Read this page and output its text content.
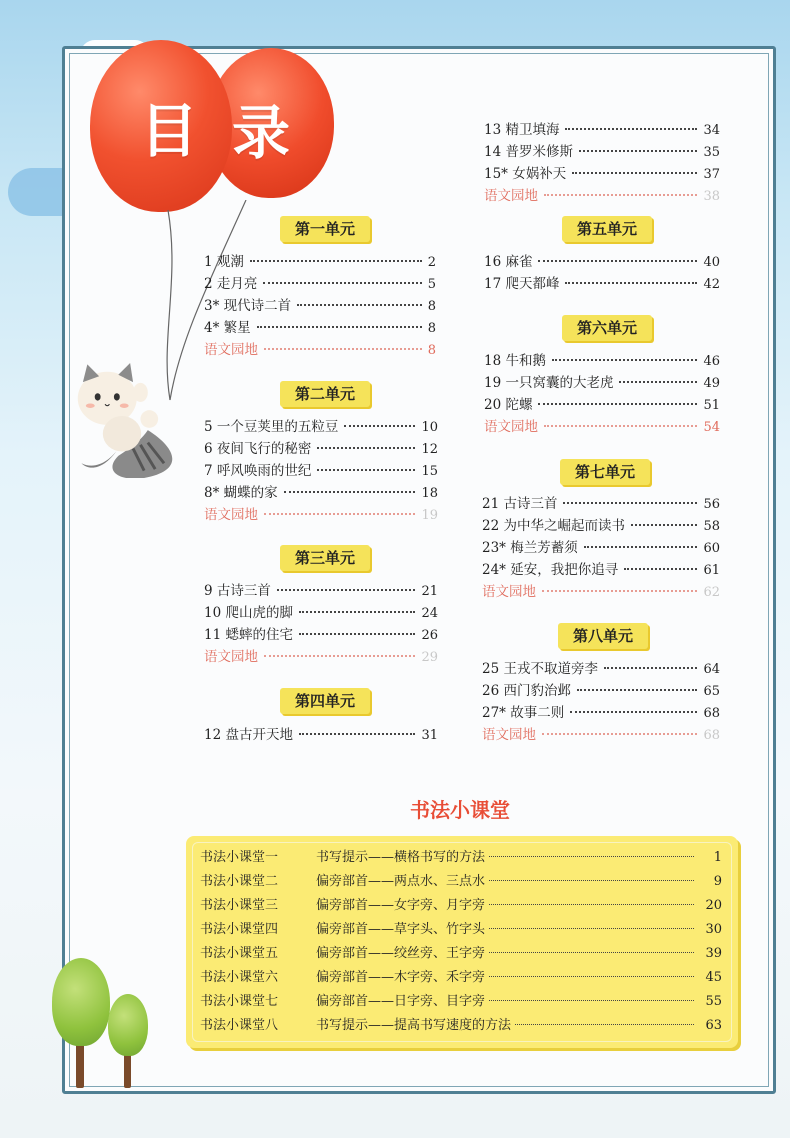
目 录
第一单元
1 观潮	2
2 走月亮	5
3* 现代诗二首	8
4* 繁星	8
语文园地	8
第二单元
5 一个豆荚里的五粒豆	10
6 夜间飞行的秘密	12
7 呼风唤雨的世纪	15
8* 蝴蝶的家	18
语文园地	19
第三单元
9 古诗三首	21
10 爬山虎的脚	24
11 蟋蟀的住宅	26
语文园地	29
第四单元
12 盘古开天地	31
13 精卫填海	34
14 普罗米修斯	35
15* 女娲补天	37
语文园地	38
第五单元
16 麻雀	40
17 爬天都峰	42
第六单元
18 牛和鹅	46
19 一只窝囊的大老虎	49
20 陀螺	51
语文园地	54
第七单元
21 古诗三首	56
22 为中华之崛起而读书	58
23* 梅兰芳蓄须	60
24* 延安，我把你追寻	61
语文园地	62
第八单元
25 王戎不取道旁李	64
26 西门豹治邺	65
27* 故事二则	68
语文园地	68
书法小课堂
书法小课堂一	书写提示——横格书写的方法	1
书法小课堂二	偏旁部首——两点水、三点水	9
书法小课堂三	偏旁部首——女字旁、月字旁	20
书法小课堂四	偏旁部首——草字头、竹字头	30
书法小课堂五	偏旁部首——绞丝旁、王字旁	39
书法小课堂六	偏旁部首——木字旁、禾字旁	45
书法小课堂七	偏旁部首——日字旁、目字旁	55
书法小课堂八	书写提示——提高书写速度的方法	63
